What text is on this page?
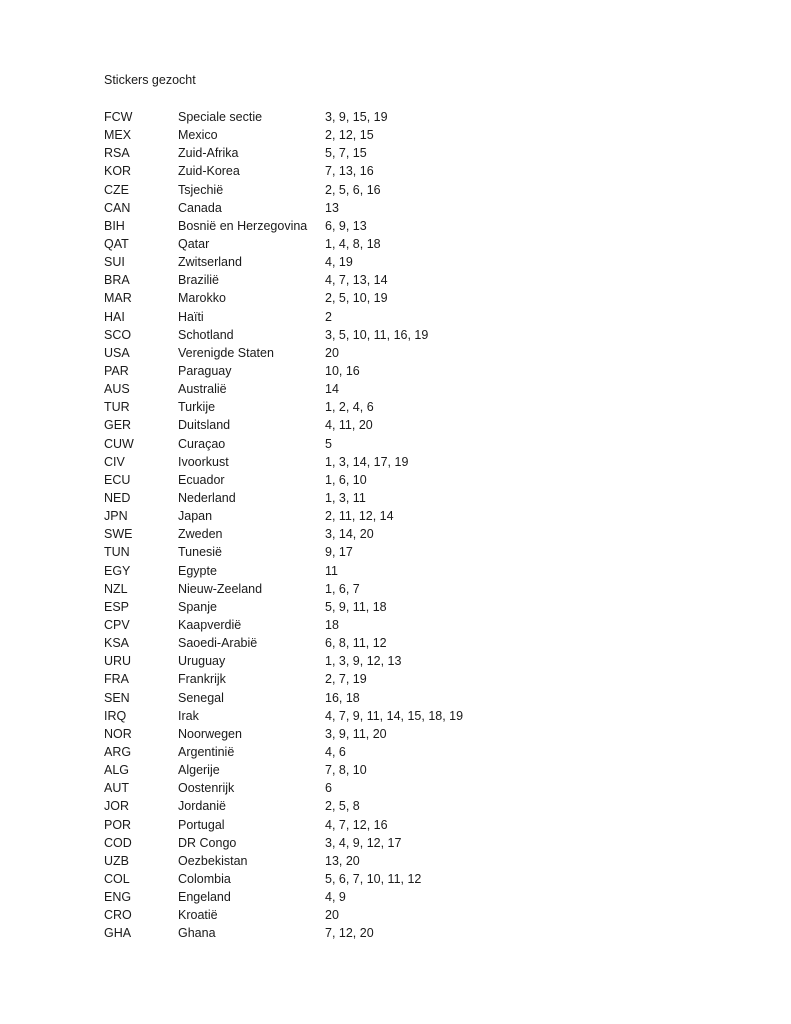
Stickers gezocht
FCW	Speciale sectie	3, 9, 15, 19
MEX	Mexico	2, 12, 15
RSA	Zuid-Afrika	5, 7, 15
KOR	Zuid-Korea	7, 13, 16
CZE	Tsjechië	2, 5, 6, 16
CAN	Canada	13
BIH	Bosnië en Herzegovina	6, 9, 13
QAT	Qatar	1, 4, 8, 18
SUI	Zwitserland	4, 19
BRA	Brazilië	4, 7, 13, 14
MAR	Marokko	2, 5, 10, 19
HAI	Haïti	2
SCO	Schotland	3, 5, 10, 11, 16, 19
USA	Verenigde Staten	20
PAR	Paraguay	10, 16
AUS	Australië	14
TUR	Turkije	1, 2, 4, 6
GER	Duitsland	4, 11, 20
CUW	Curaçao	5
CIV	Ivoorkust	1, 3, 14, 17, 19
ECU	Ecuador	1, 6, 10
NED	Nederland	1, 3, 11
JPN	Japan	2, 11, 12, 14
SWE	Zweden	3, 14, 20
TUN	Tunesië	9, 17
EGY	Egypte	11
NZL	Nieuw-Zeeland	1, 6, 7
ESP	Spanje	5, 9, 11, 18
CPV	Kaapverdië	18
KSA	Saoedi-Arabië	6, 8, 11, 12
URU	Uruguay	1, 3, 9, 12, 13
FRA	Frankrijk	2, 7, 19
SEN	Senegal	16, 18
IRQ	Irak	4, 7, 9, 11, 14, 15, 18, 19
NOR	Noorwegen	3, 9, 11, 20
ARG	Argentinië	4, 6
ALG	Algerije	7, 8, 10
AUT	Oostenrijk	6
JOR	Jordanië	2, 5, 8
POR	Portugal	4, 7, 12, 16
COD	DR Congo	3, 4, 9, 12, 17
UZB	Oezbekistan	13, 20
COL	Colombia	5, 6, 7, 10, 11, 12
ENG	Engeland	4, 9
CRO	Kroatië	20
GHA	Ghana	7, 12, 20
